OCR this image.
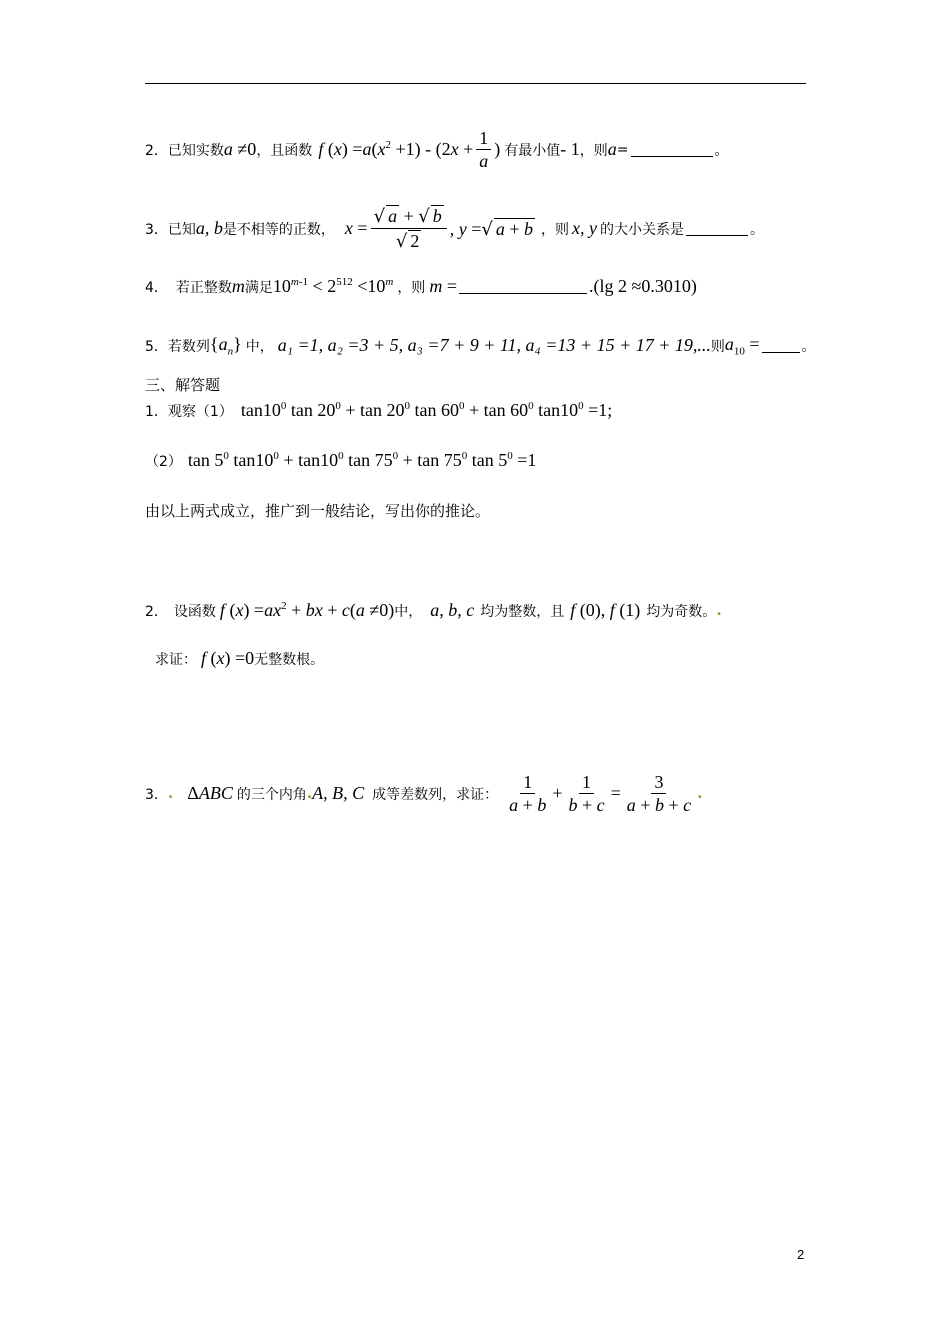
2． 已知实数 a ≠0 ，且函数 f $(x) =a(x^2 +1) - (2x + \frac{1}{a}$ ) 有最小值 - 1 ，则 a =	。
3． 已知 a, b 是不相等的正数， $x = \frac{√ a + √ b}{√ 2}$ , y =√ a + b ，则 x, y 的大小关系是	。
4． 若正整数 m 满足 $10^{m-1} < 2^{512} <10^m$ ，则 m =	.(lg 2 ≈0.3010)
5． 若数列 $\{a_n\}$ 中， a₁ =1, a₂ =3 + 5, a₃ =7 + 9 + 11, a₄ =13 + 15 + 17 + 19,... 则 $a_{10}$ =	。
三、解答题
1．观察（1） $\tan 10^0$ $\tan 20^0 + \tan 20^0$ $\tan 60^0 + \tan 60^0$ $\tan 10^0 =1$;
（2） $\tan 5^0$ $\tan 10^0 + \tan 10^0$ $\tan 75^0 + \tan 75^0$ $\tan 5^0 =1$
由以上两式成立，推广到一般结论，写出你的推论。
2． 设函数 f $(x) =ax^2$ + bx + c(a ≠0) 中， a, b, c 均为整数，且 f (0), f (1) 均为奇数。 .
求证： f (x) =0 无整数根。
3． . ΔABC 的三个内角 . A, B, C 成等差数列，求证： $\frac{1}{a + b} + \frac{1}{b + c} = \frac{3}{a + b + c}$ .
2
